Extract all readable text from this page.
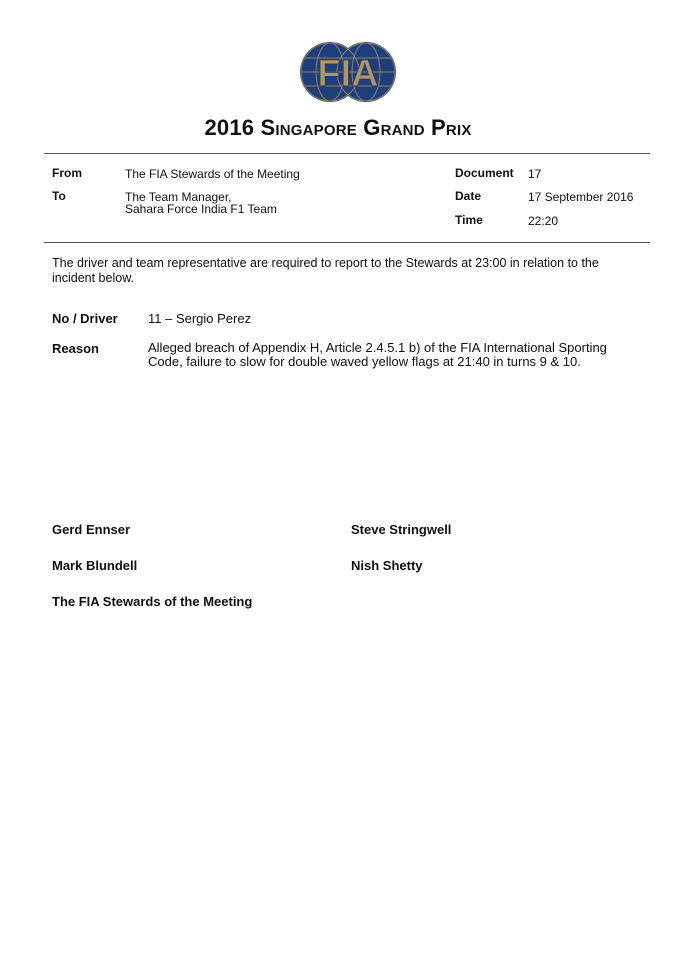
FIA
2016 Singapore Grand Prix
From	The FIA Stewards of the Meeting
To	The Team Manager,
Sahara Force India F1 Team
Document 17
Date	17 September 2016
Time	22:20
The driver and team representative are required to report to the Stewards at 23:00 in relation to the incident below.
No / Driver 11 – Sergio Perez
Reason	Alleged breach of Appendix H, Article 2.4.5.1 b) of the FIA International Sporting Code, failure to slow for double waved yellow flags at 21:40 in turns 9 & 10.
Gerd Ennser	Steve Stringwell
Mark Blundell	Nish Shetty
The FIA Stewards of the Meeting
